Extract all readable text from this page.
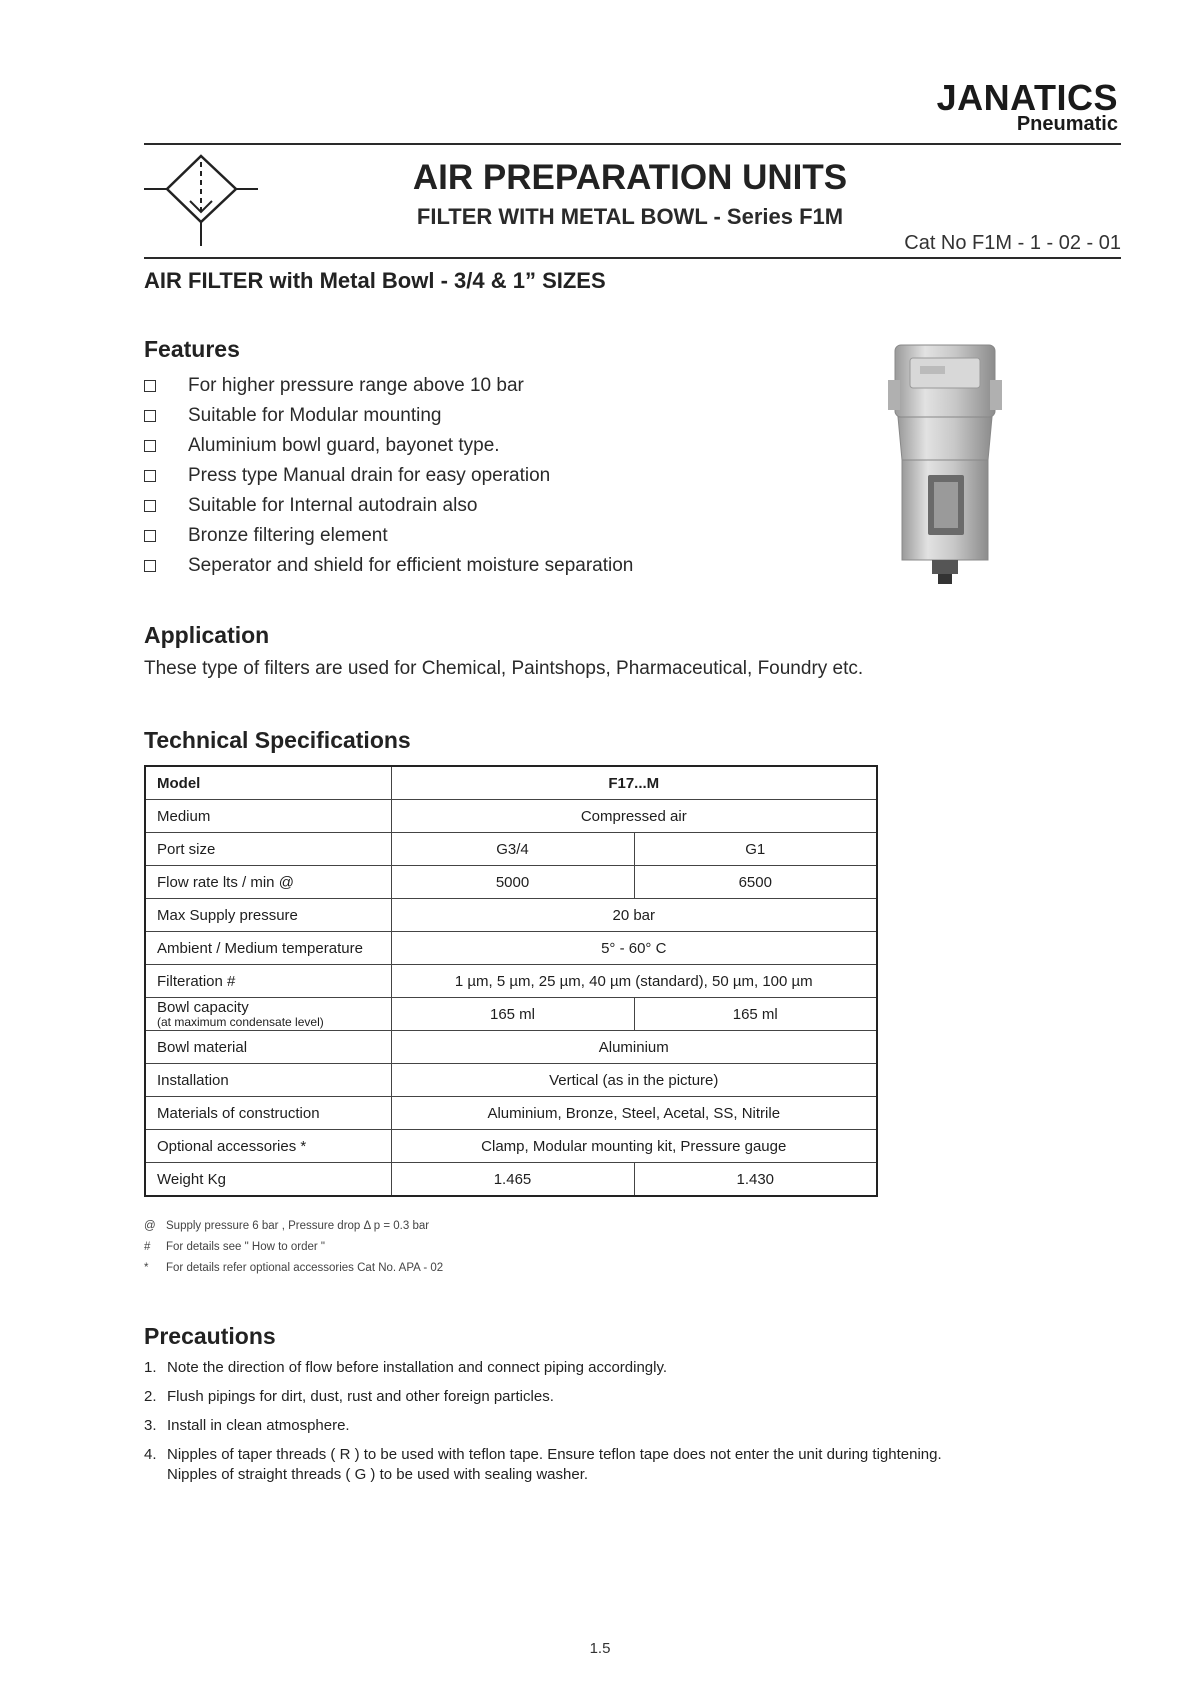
JANATICS
Pneumatic
AIR PREPARATION UNITS
FILTER WITH METAL BOWL - Series F1M
Cat No F1M - 1 - 02 - 01
AIR FILTER with Metal Bowl - 3/4 & 1” SIZES
Features
For higher pressure range above 10 bar
Suitable for Modular mounting
Aluminium bowl guard, bayonet type.
Press type Manual drain for easy operation
Suitable for Internal autodrain also
Bronze filtering element
Seperator and shield for efficient moisture separation
Application
These type of filters are used for Chemical, Paintshops, Pharmaceutical, Foundry etc.
Technical Specifications
Model	F17...M	
Medium	Compressed air	
Port size	G3/4	G1
Flow rate lts / min @	5000	6500
Max Supply pressure	20 bar	
Ambient / Medium temperature	5° - 60° C	
Filteration #	1 µm, 5 µm, 25 µm, 40 µm (standard), 50 µm, 100 µm	

Bowl capacity
(at maximum condensate level)	165 ml	165 ml
Bowl material	Aluminium	
Installation	Vertical (as in the picture)	
Materials of construction	Aluminium, Bronze, Steel, Acetal, SS, Nitrile	
Optional accessories *	Clamp, Modular mounting kit, Pressure gauge	
Weight Kg	1.465	1.430
@ Supply pressure 6 bar , Pressure drop Δ p = 0.3 bar
#	For details see " How to order "
*	For details refer optional accessories Cat No. APA - 02
Precautions
1. Note the direction of flow before installation and connect piping accordingly.
2. Flush pipings for dirt, dust, rust and other foreign particles.
3. Install in clean atmosphere.
4. Nipples of taper threads ( R ) to be used with teflon tape. Ensure teflon tape does not enter the unit during tightening.
Nipples of straight threads ( G ) to be used with sealing washer.
1.5
